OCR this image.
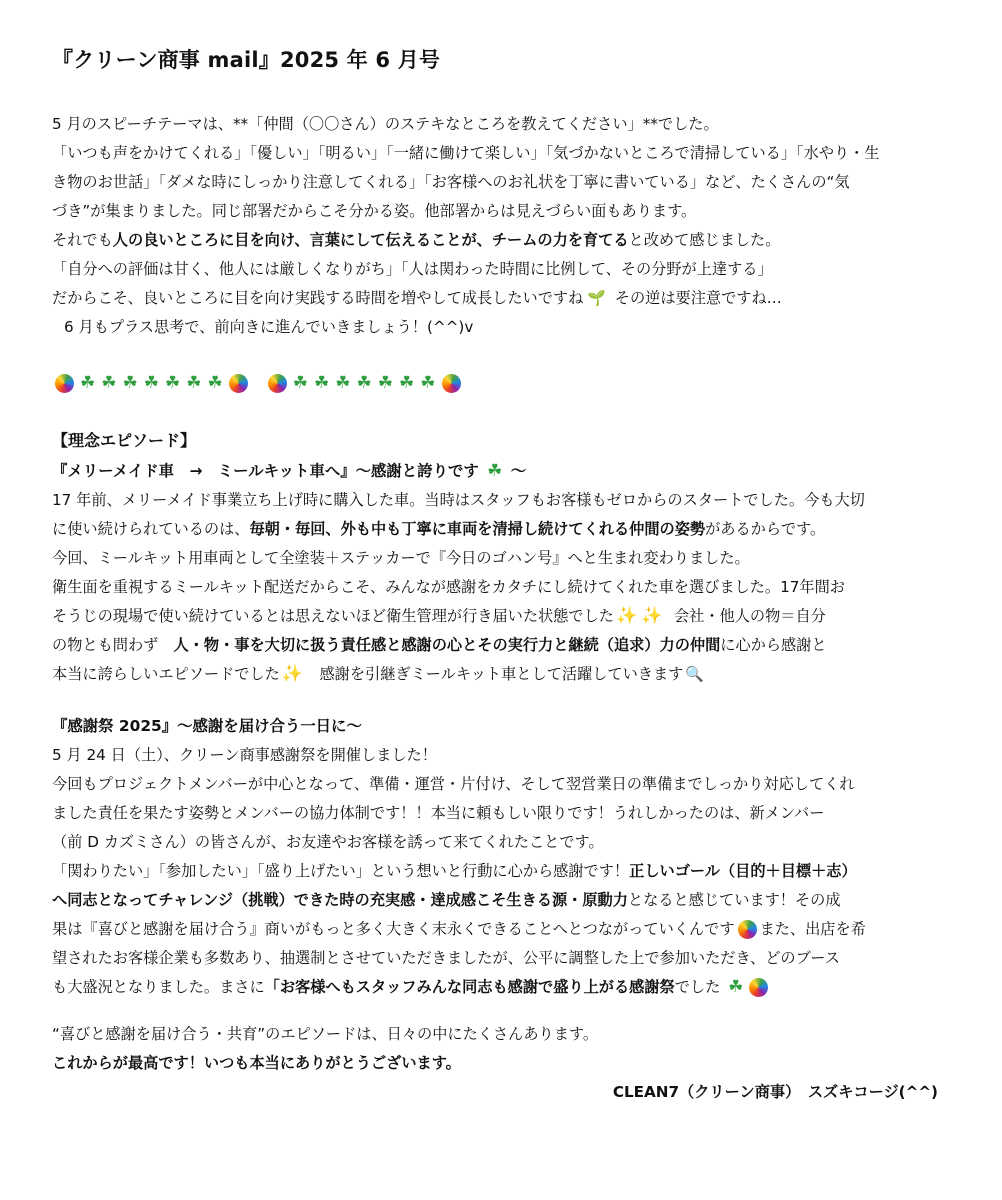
『クリーン商事 mail』2025 年 6 月号

5 月のスピーチテーマは、**「仲間（〇〇さん）のステキなところを教えてください」**でした。

「いつも声をかけてくれる」「優しい」「明るい」「一緒に働けて楽しい」「気づかないところで清掃している」「水やり・生

き物のお世話」「ダメな時にしっかり注意してくれる」「お客様へのお礼状を丁寧に書いている」など、たくさんの“気

づき”が集まりました。同じ部署だからこそ分かる姿。他部署からは見えづらい面もあります。

それでも人の良いところに目を向け、言葉にして伝えることが、チームの力を育てると改めて感じました。

「自分への評価は甘く、他人には厳しくなりがち」「人は関わった時間に比例して、その分野が上達する」

だからこそ、良いところに目を向け実践する時間を増やして成長したいですね 🌱 その逆は要注意ですね…

6 月もプラス思考で、前向きに進んでいきましょう！(^^)v

☘ ☘ ☘ ☘ ☘ ☘ ☘	☘ ☘ ☘ ☘ ☘ ☘ ☘

【理念エピソード】

『メリーメイド車　→　ミールキット車へ』～感謝と誇りです ☘ ～

17 年前、メリーメイド事業立ち上げ時に購入した車。当時はスタッフもお客様もゼロからのスタートでした。今も大切

に使い続けられているのは、毎朝・毎回、外も中も丁寧に車両を清掃し続けてくれる仲間の姿勢があるからです。

今回、ミールキット用車両として全塗装＋ステッカーで『今日のゴハン号』へと生まれ変わりました。

衛生面を重視するミールキット配送だからこそ、みんなが感謝をカタチにし続けてくれた車を選びました。17年間お

そうじの現場で使い続けているとは思えないほど衛生管理が行き届いた状態でした ✨ ✨ 会社・他人の物＝自分

の物とも問わず　人・物・事を大切に扱う責任感と感謝の心とその実行力と継続（追求）力の仲間に心から感謝と

本当に誇らしいエピソードでした ✨ 感謝を引継ぎミールキット車として活躍していきます 🔍

『感謝祭 2025』～感謝を届け合う一日に～

5 月 24 日（土）、クリーン商事感謝祭を開催しました！

今回もプロジェクトメンバーが中心となって、準備・運営・片付け、そして翌営業日の準備までしっかり対応してくれ

ました責任を果たす姿勢とメンバーの協力体制です！！本当に頼もしい限りです！うれしかったのは、新メンバー

（前 D カズミさん）の皆さんが、お友達やお客様を誘って来てくれたことです。

「関わりたい」「参加したい」「盛り上げたい」という想いと行動に心から感謝です！正しいゴール（目的＋目標＋志）

へ同志となってチャレンジ（挑戦）できた時の充実感・達成感こそ生きる源・原動力となると感じています！その成

果は『喜びと感謝を届け合う』商いがもっと多く大きく末永くできることへとつながっていくんです また、出店を希

望されたお客様企業も多数あり、抽選制とさせていただきましたが、公平に調整した上で参加いただき、どのブース

も大盛況となりました。まさに「お客様へもスタッフみんな同志も感謝で盛り上がる感謝祭でした ☘

“喜びと感謝を届け合う・共育”のエピソードは、日々の中にたくさんあります。

これからが最高です！いつも本当にありがとうございます。

CLEAN7（クリーン商事）　スズキコージ(^^)
